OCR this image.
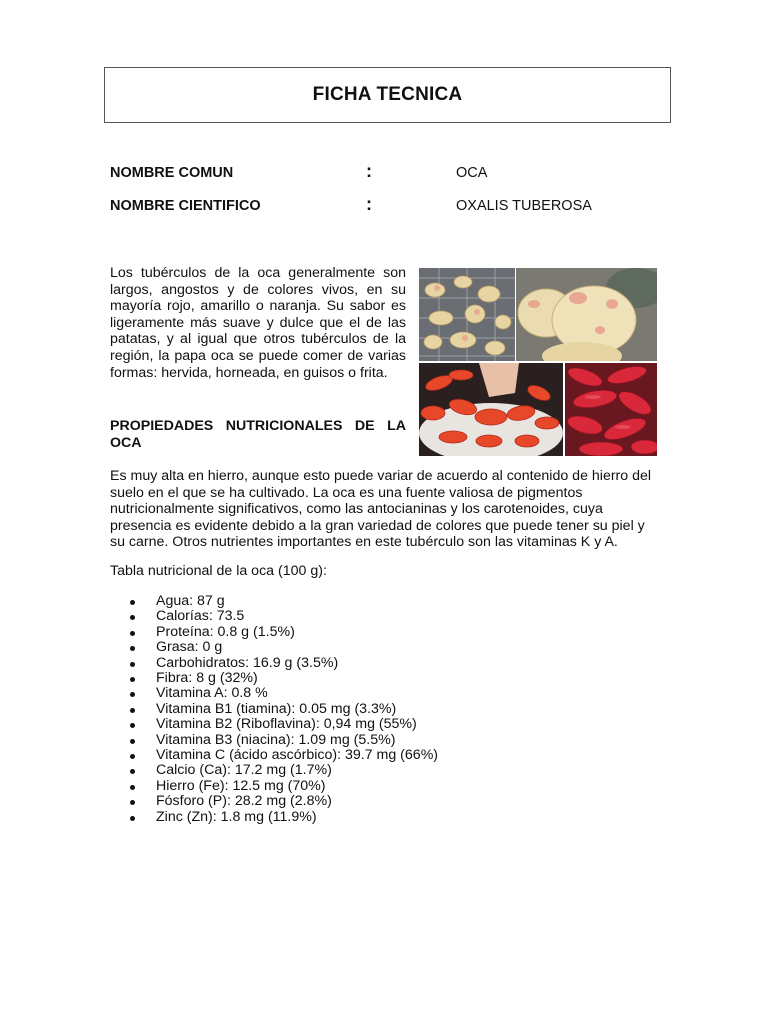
FICHA TECNICA
NOMBRE COMUN	:	OCA
NOMBRE CIENTIFICO	:	OXALIS TUBEROSA

Los tubérculos de la oca generalmente son largos, angostos y de colores vivos, en su mayoría rojo, amarillo o naranja. Su sabor es ligeramente más suave y dulce que el de las patatas, y al igual que otros tubérculos de la región, la papa oca se puede comer de varias formas: hervida, horneada, en guisos o frita.

PROPIEDADES NUTRICIONALES DE LA OCA

Es muy alta en hierro, aunque esto puede variar de acuerdo al contenido de hierro del suelo en el que se ha cultivado. La oca es una fuente valiosa de pigmentos nutricionalmente significativos, como las antocianinas y los carotenoides, cuya presencia es evidente debido a la gran variedad de colores que puede tener su piel y su carne. Otros nutrientes importantes en este tubérculo son las vitaminas K y A.

Tabla nutricional de la oca (100 g):

Agua: 87 g
Calorías: 73.5
Proteína: 0.8 g (1.5%)
Grasa: 0 g
Carbohidratos: 16.9 g (3.5%)
Fibra: 8 g (32%)
Vitamina A: 0.8 %
Vitamina B1 (tiamina): 0.05 mg (3.3%)
Vitamina B2 (Riboflavina): 0,94 mg (55%)
Vitamina B3 (niacina): 1.09 mg (5.5%)
Vitamina C (ácido ascórbico): 39.7 mg (66%)
Calcio (Ca): 17.2 mg (1.7%)
Hierro (Fe): 12.5 mg (70%)
Fósforo (P): 28.2 mg (2.8%)
Zinc (Zn): 1.8 mg (11.9%)
